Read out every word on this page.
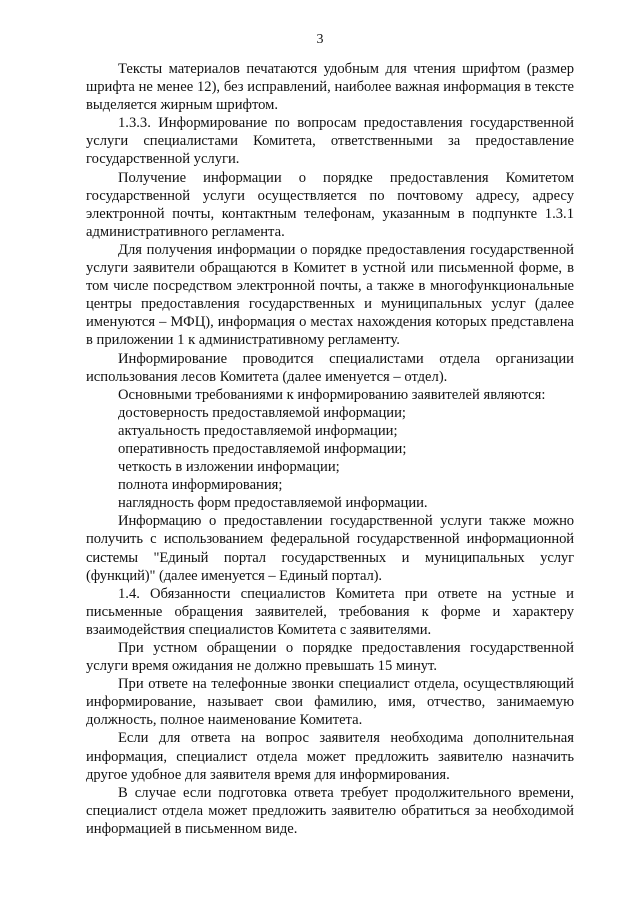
3

Тексты материалов печатаются удобным для чтения шрифтом (размер шрифта не менее 12), без исправлений, наиболее важная информация в тексте выделяется жирным шрифтом.

1.3.3. Информирование по вопросам предоставления государственной услуги специалистами Комитета, ответственными за предоставление государственной услуги.

Получение информации о порядке предоставления Комитетом государственной услуги осуществляется по почтовому адресу, адресу электронной почты, контактным телефонам, указанным в подпункте 1.3.1 административного регламента.

Для получения информации о порядке предоставления государственной услуги заявители обращаются в Комитет в устной или письменной форме, в том числе посредством электронной почты, а также в многофункциональные центры предоставления государственных и муниципальных услуг (далее именуются – МФЦ), информация о местах нахождения которых представлена в приложении 1 к административному регламенту.

Информирование проводится специалистами отдела организации использования лесов Комитета (далее именуется – отдел).

Основными требованиями к информированию заявителей являются:

достоверность предоставляемой информации;

актуальность предоставляемой информации;

оперативность предоставляемой информации;

четкость в изложении информации;

полнота информирования;

наглядность форм предоставляемой информации.

Информацию о предоставлении государственной услуги также можно получить с использованием федеральной государственной информационной системы "Единый портал государственных и муниципальных услуг (функций)" (далее именуется – Единый портал).

1.4. Обязанности специалистов Комитета при ответе на устные и письменные обращения заявителей, требования к форме и характеру взаимодействия специалистов Комитета с заявителями.

При устном обращении о порядке предоставления государственной услуги время ожидания не должно превышать 15 минут.

При ответе на телефонные звонки специалист отдела, осуществляющий информирование, называет свои фамилию, имя, отчество, занимаемую должность, полное наименование Комитета.

Если для ответа на вопрос заявителя необходима дополнительная информация, специалист отдела может предложить заявителю назначить другое удобное для заявителя время для информирования.

В случае если подготовка ответа требует продолжительного времени, специалист отдела может предложить заявителю обратиться за необходимой информацией в письменном виде.
